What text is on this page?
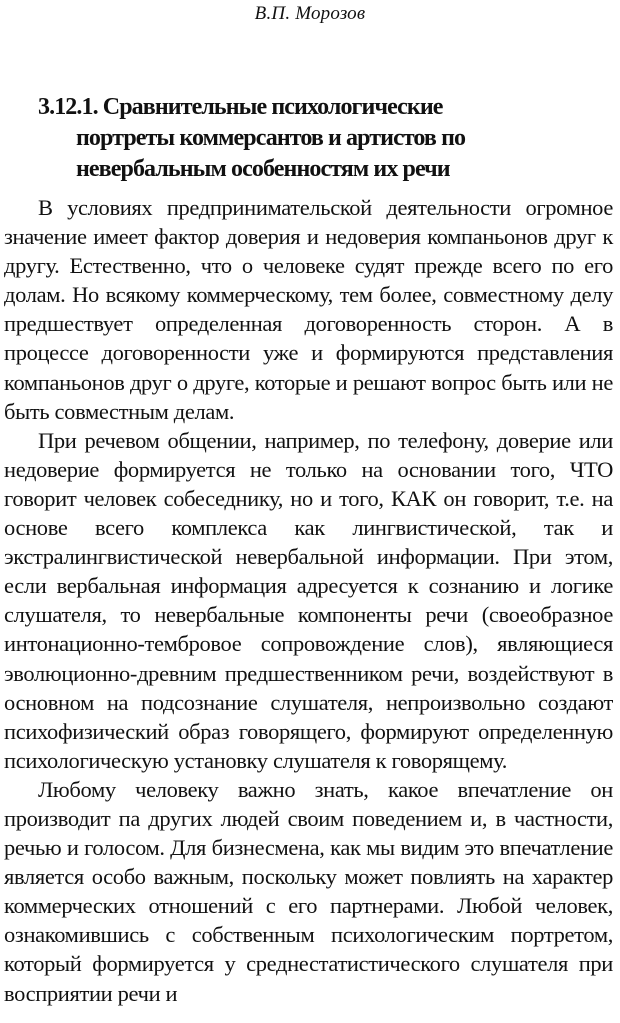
В.П. Морозов
3.12.1. Сравнительные психологические
портреты коммерсантов и артистов по
невербальным особенностям их речи

В условиях предпринимательской деятельности огромное значение имеет фактор доверия и недоверия компаньонов друг к другу. Естественно, что о человеке судят прежде всего по его долам. Но всякому коммерческому, тем более, совместному делу предшествует определенная договоренность сторон. А в процессе договоренности уже и формируются представления компаньонов друг о друге, которые и решают вопрос быть или не быть совместным делам.

При речевом общении, например, по телефону, доверие или недоверие формируется не только на основании того, ЧТО говорит человек собеседнику, но и того, КАК он говорит, т.е. на основе всего комплекса как лингвистической, так и экстралингвистической невербальной информации. При этом, если вербальная информация адресуется к сознанию и логике слушателя, то невербальные компоненты речи (своеобразное интонационно-тембровое сопровождение слов), являющиеся эволюционно-древним предшественником речи, воздействуют в основном на подсознание слушателя, непроизвольно создают психофизический образ говорящего, формируют определенную психологическую установку слушателя к говорящему.

Любому человеку важно знать, какое впечатление он производит па других людей своим поведением и, в частности, речью и голосом. Для бизнесмена, как мы видим это впечатление является особо важным, поскольку может повлиять на характер коммерческих отношений с его партнерами. Любой человек, ознакомившись с собственным психологическим портретом, который формируется у среднестатистического слушателя при восприятии речи и
